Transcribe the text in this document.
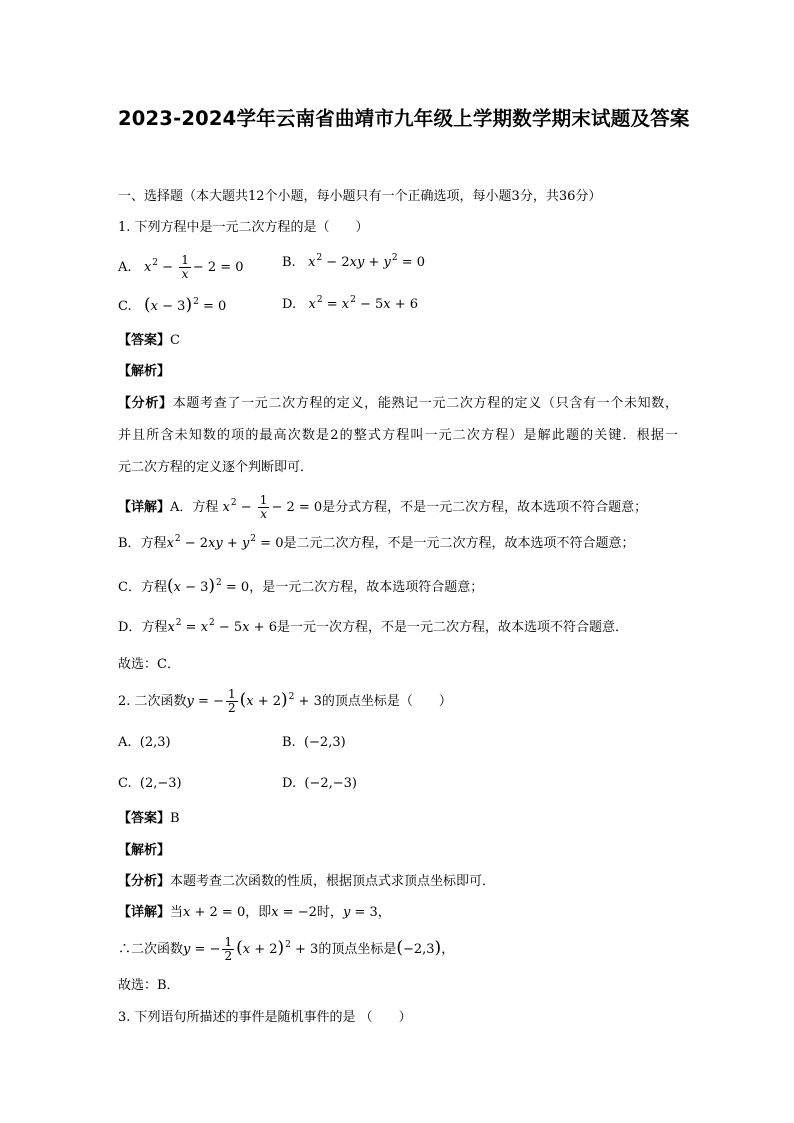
2023-2024学年云南省曲靖市九年级上学期数学期末试题及答案
一、选择题（本大题共12个小题，每小题只有一个正确选项，每小题3分，共36分）
1. 下列方程中是一元二次方程的是（　　）
A. $x^2 - \frac{1}{x} - 2 = 0$	B. $x^2 - 2xy + y^2 = 0$
C. $(x - 3)^2 = 0$	D. $x^2 = x^2 - 5x + 6$
【答案】C
【解析】
【分析】本题考查了一元二次方程的定义，能熟记一元二次方程的定义（只含有一个未知数，
并且所含未知数的项的最高次数是2的整式方程叫一元二次方程）是解此题的关键．根据一
元二次方程的定义逐个判断即可．
【详解】A．方程 $x^2 - \frac{1}{x} - 2 = 0$是分式方程，不是一元二次方程，故本选项不符合题意；
B．方程$x^2 - 2xy + y^2 = 0$是二元二次方程，不是一元二次方程，故本选项不符合题意；
C．方程$(x - 3)^2 = 0$，是一元二次方程，故本选项符合题意；
D．方程$x^2 = x^2 - 5x + 6$是一元一次方程，不是一元二次方程，故本选项不符合题意．
故选：C．
2. 二次函数y = − $\frac{1}{2} (x + 2)^2 + 3$的顶点坐标是（　　）
A. (2,3)	B. (−2,3)
C. (2,−3)	D. (−2,−3)
【答案】B
【解析】
【分析】本题考查二次函数的性质，根据顶点式求顶点坐标即可．
【详解】当x + 2 = 0，即x = −2时，y = 3，
∴二次函数y = − $\frac{1}{2} (x + 2)^2 + 3$的顶点坐标是(−2,3)，
故选：B．
3. 下列语句所描述的事件是随机事件的是 （　　）
